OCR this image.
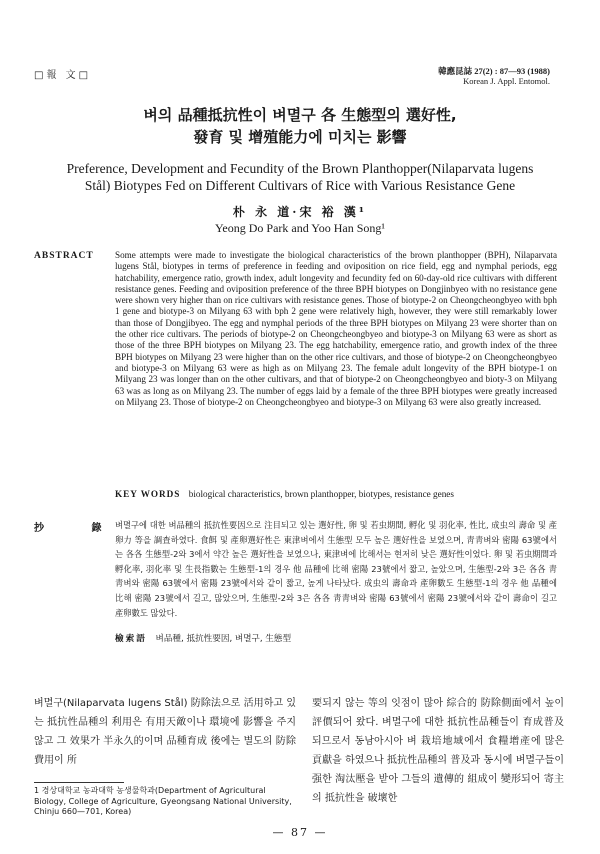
□報 文□	韓應昆誌 27(2) : 87—93 (1988)
Korean J. Appl. Entomol.
벼의 品種抵抗性이 벼멸구 各 生態型의 選好性,
發育 및 增殖能力에 미치는 影響
Preference, Development and Fecundity of the Brown Planthopper(Nilaparvata lugens
Stål) Biotypes Fed on Different Cultivars of Rice with Various Resistance Gene
朴 永 道·宋 裕 漢¹
Yeong Do Park and Yoo Han Song¹
ABSTRACT Some attempts were made to investigate the biological characteristics of the brown planthopper (BPH), Nilaparvata lugens Stål, biotypes in terms of preference in feeding and oviposition on rice field, egg and nymphal periods, egg hatchability, emergence ratio, growth index, adult longevity and fecundity fed on 60-day-old rice cultivars with different resistance genes. Feeding and oviposition preference of the three BPH biotypes on Dongjinbyeo with no resistance gene were shown very higher than on rice cultivars with resistance genes. Those of biotype-2 on Cheongcheongbyeo with bph 1 gene and biotype-3 on Milyang 63 with bph 2 gene were relatively high, however, they were still remarkably lower than those of Dongjibyeo. The egg and nymphal periods of the three BPH biotypes on Milyang 23 were shorter than on the other rice cultivars. The periods of biotype-2 on Cheongcheongbyeo and biotype-3 on Milyang 63 were as short as those of the three BPH biotypes on Milyang 23. The egg hatchability, emergence ratio, and growth index of the three BPH biotypes on Milyang 23 were higher than on the other rice cultivars, and those of biotype-2 on Cheongcheongbyeo and biotype-3 on Milyang 63 were as high as on Milyang 23. The female adult longevity of the BPH biotype-1 on Milyang 23 was longer than on the other cultivars, and that of biotype-2 on Cheongcheongbyeo and bioty-3 on Milyang 63 was as long as on Milyang 23. The number of eggs laid by a female of the three BPH biotypes were greatly increased on Milyang 23. Those of biotype-2 on Cheongcheongbyeo and biotype-3 on Milyang 63 were also greatly increased.
KEY WORDS biological characteristics, brown planthopper, biotypes, resistance genes
抄 錄
벼멸구에 대한 벼品種의 抵抗性要因으로 注目되고 있는 選好性, 卵 및 若虫期間, 孵化 및 羽化率, 性比, 成虫의 壽命 및 產卵力 等을 調査하였다. 食餌 및 產卵選好性은 東津벼에서 生態型 모두 높은 選好性을 보였으며, 靑靑벼와 密陽 63號에서는 各各 生態型-2와 3에서 약간 높은 選好性을 보였으나, 東津벼에 比해서는 현저히 낮은 選好性이었다. 卵 및 若虫期間과 孵化率, 羽化率 및 生長指數는 生態型-1의 경우 他 品種에 比해 密陽 23號에서 짧고, 높았으며, 生態型-2와 3은 各各 靑靑벼와 密陽 63號에서 密陽 23號에서와 같이 짧고, 높게 나타났다. 成虫의 壽命과 產卵數도 生態型-1의 경우 他 品種에 比해 密陽 23號에서 길고, 많았으며, 生態型-2와 3은 各各 靑靑벼와 密陽 63號에서 密陽 23號에서와 같이 壽命이 길고 產卵數도 많았다.
檢索語 벼品種, 抵抗性要因, 벼멸구, 生態型
벼멸구(Nilaparvata lugens Stål) 防除法으로 活用하고 있는 抵抗性品種의 利用은 有用天敵이나 環境에 影響을 주지 않고 그 效果가 半永久的이며 品種育成 後에는 별도의 防除費用이 所
要되지 않는 等의 잇점이 많아 綜合的 防除側面에서 높이 評價되어 왔다. 벼멸구에 대한 抵抗性品種들이 育成普及되므로서 동남아시아 벼 栽培地域에서 食糧增產에 많은 貢獻을 하였으나 抵抗性品種의 普及과 동시에 벼멸구들이 强한 淘汰壓을 받아 그들의 遺傳的 組成이 變形되어 寄主의 抵抗性을 破壞한
1 경상대학교 농과대학 농생물학과(Department of Agricultural Biology, College of Agriculture, Gyeongsang National University, Chinju 660—701, Korea)
— 87 —
